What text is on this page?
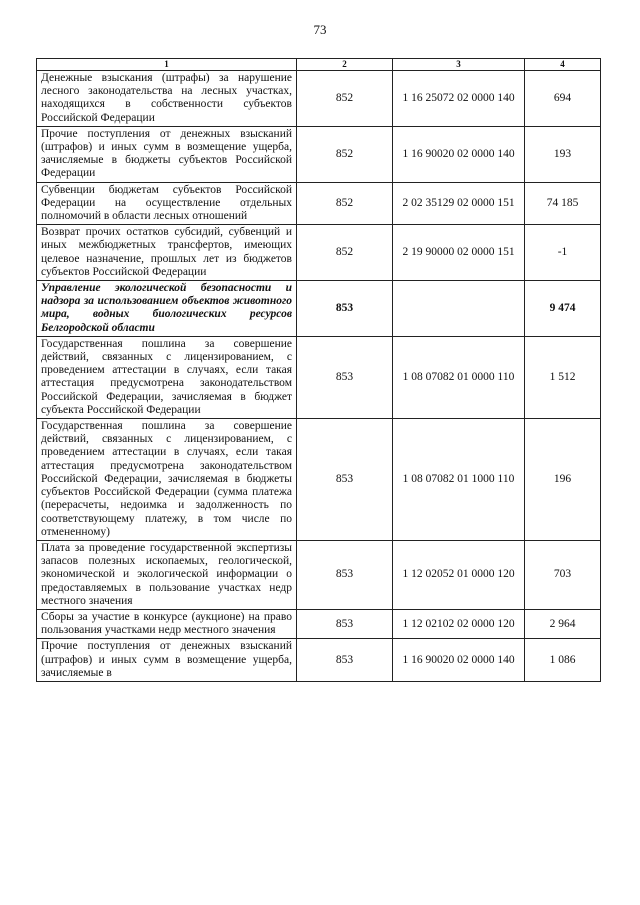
73
1	2	3	4
Денежные взыскания (штрафы) за нарушение лесного законодательства на лесных участках, находящихся в собственности субъектов Российской Федерации	852	1 16 25072 02 0000 140	694
Прочие поступления от денежных взысканий (штрафов) и иных сумм в возмещение ущерба, зачисляемые в бюджеты субъектов Российской Федерации	852	1 16 90020 02 0000 140	193
Субвенции бюджетам субъектов Российской Федерации на осуществление отдельных полномочий в области лесных отношений	852	2 02 35129 02 0000 151	74 185
Возврат прочих остатков субсидий, субвенций и иных межбюджетных трансфертов, имеющих целевое назначение, прошлых лет из бюджетов субъектов Российской Федерации	852	2 19 90000 02 0000 151	-1
Управление экологической безопасности и надзора за использованием объектов животного мира, водных биологических ресурсов Белгородской области	853		9 474
Государственная пошлина за совершение действий, связанных с лицензированием, с проведением аттестации в случаях, если такая аттестация предусмотрена законодательством Российской Федерации, зачисляемая в бюджет субъекта Российской Федерации	853	1 08 07082 01 0000 110	1 512
Государственная пошлина за совершение действий, связанных с лицензированием, с проведением аттестации в случаях, если такая аттестация предусмотрена законодательством Российской Федерации, зачисляемая в бюджеты субъектов Российской Федерации (сумма платежа (перерасчеты, недоимка и задолженность по соответствующему платежу, в том числе по отмененному)	853	1 08 07082 01 1000 110	196
Плата за проведение государственной экспертизы запасов полезных ископаемых, геологической, экономической и экологической информации о предоставляемых в пользование участках недр местного значения	853	1 12 02052 01 0000 120	703
Сборы за участие в конкурсе (аукционе) на право пользования участками недр местного значения	853	1 12 02102 02 0000 120	2 964
Прочие поступления от денежных взысканий (штрафов) и иных сумм в возмещение ущерба, зачисляемые в	853	1 16 90020 02 0000 140	1 086
